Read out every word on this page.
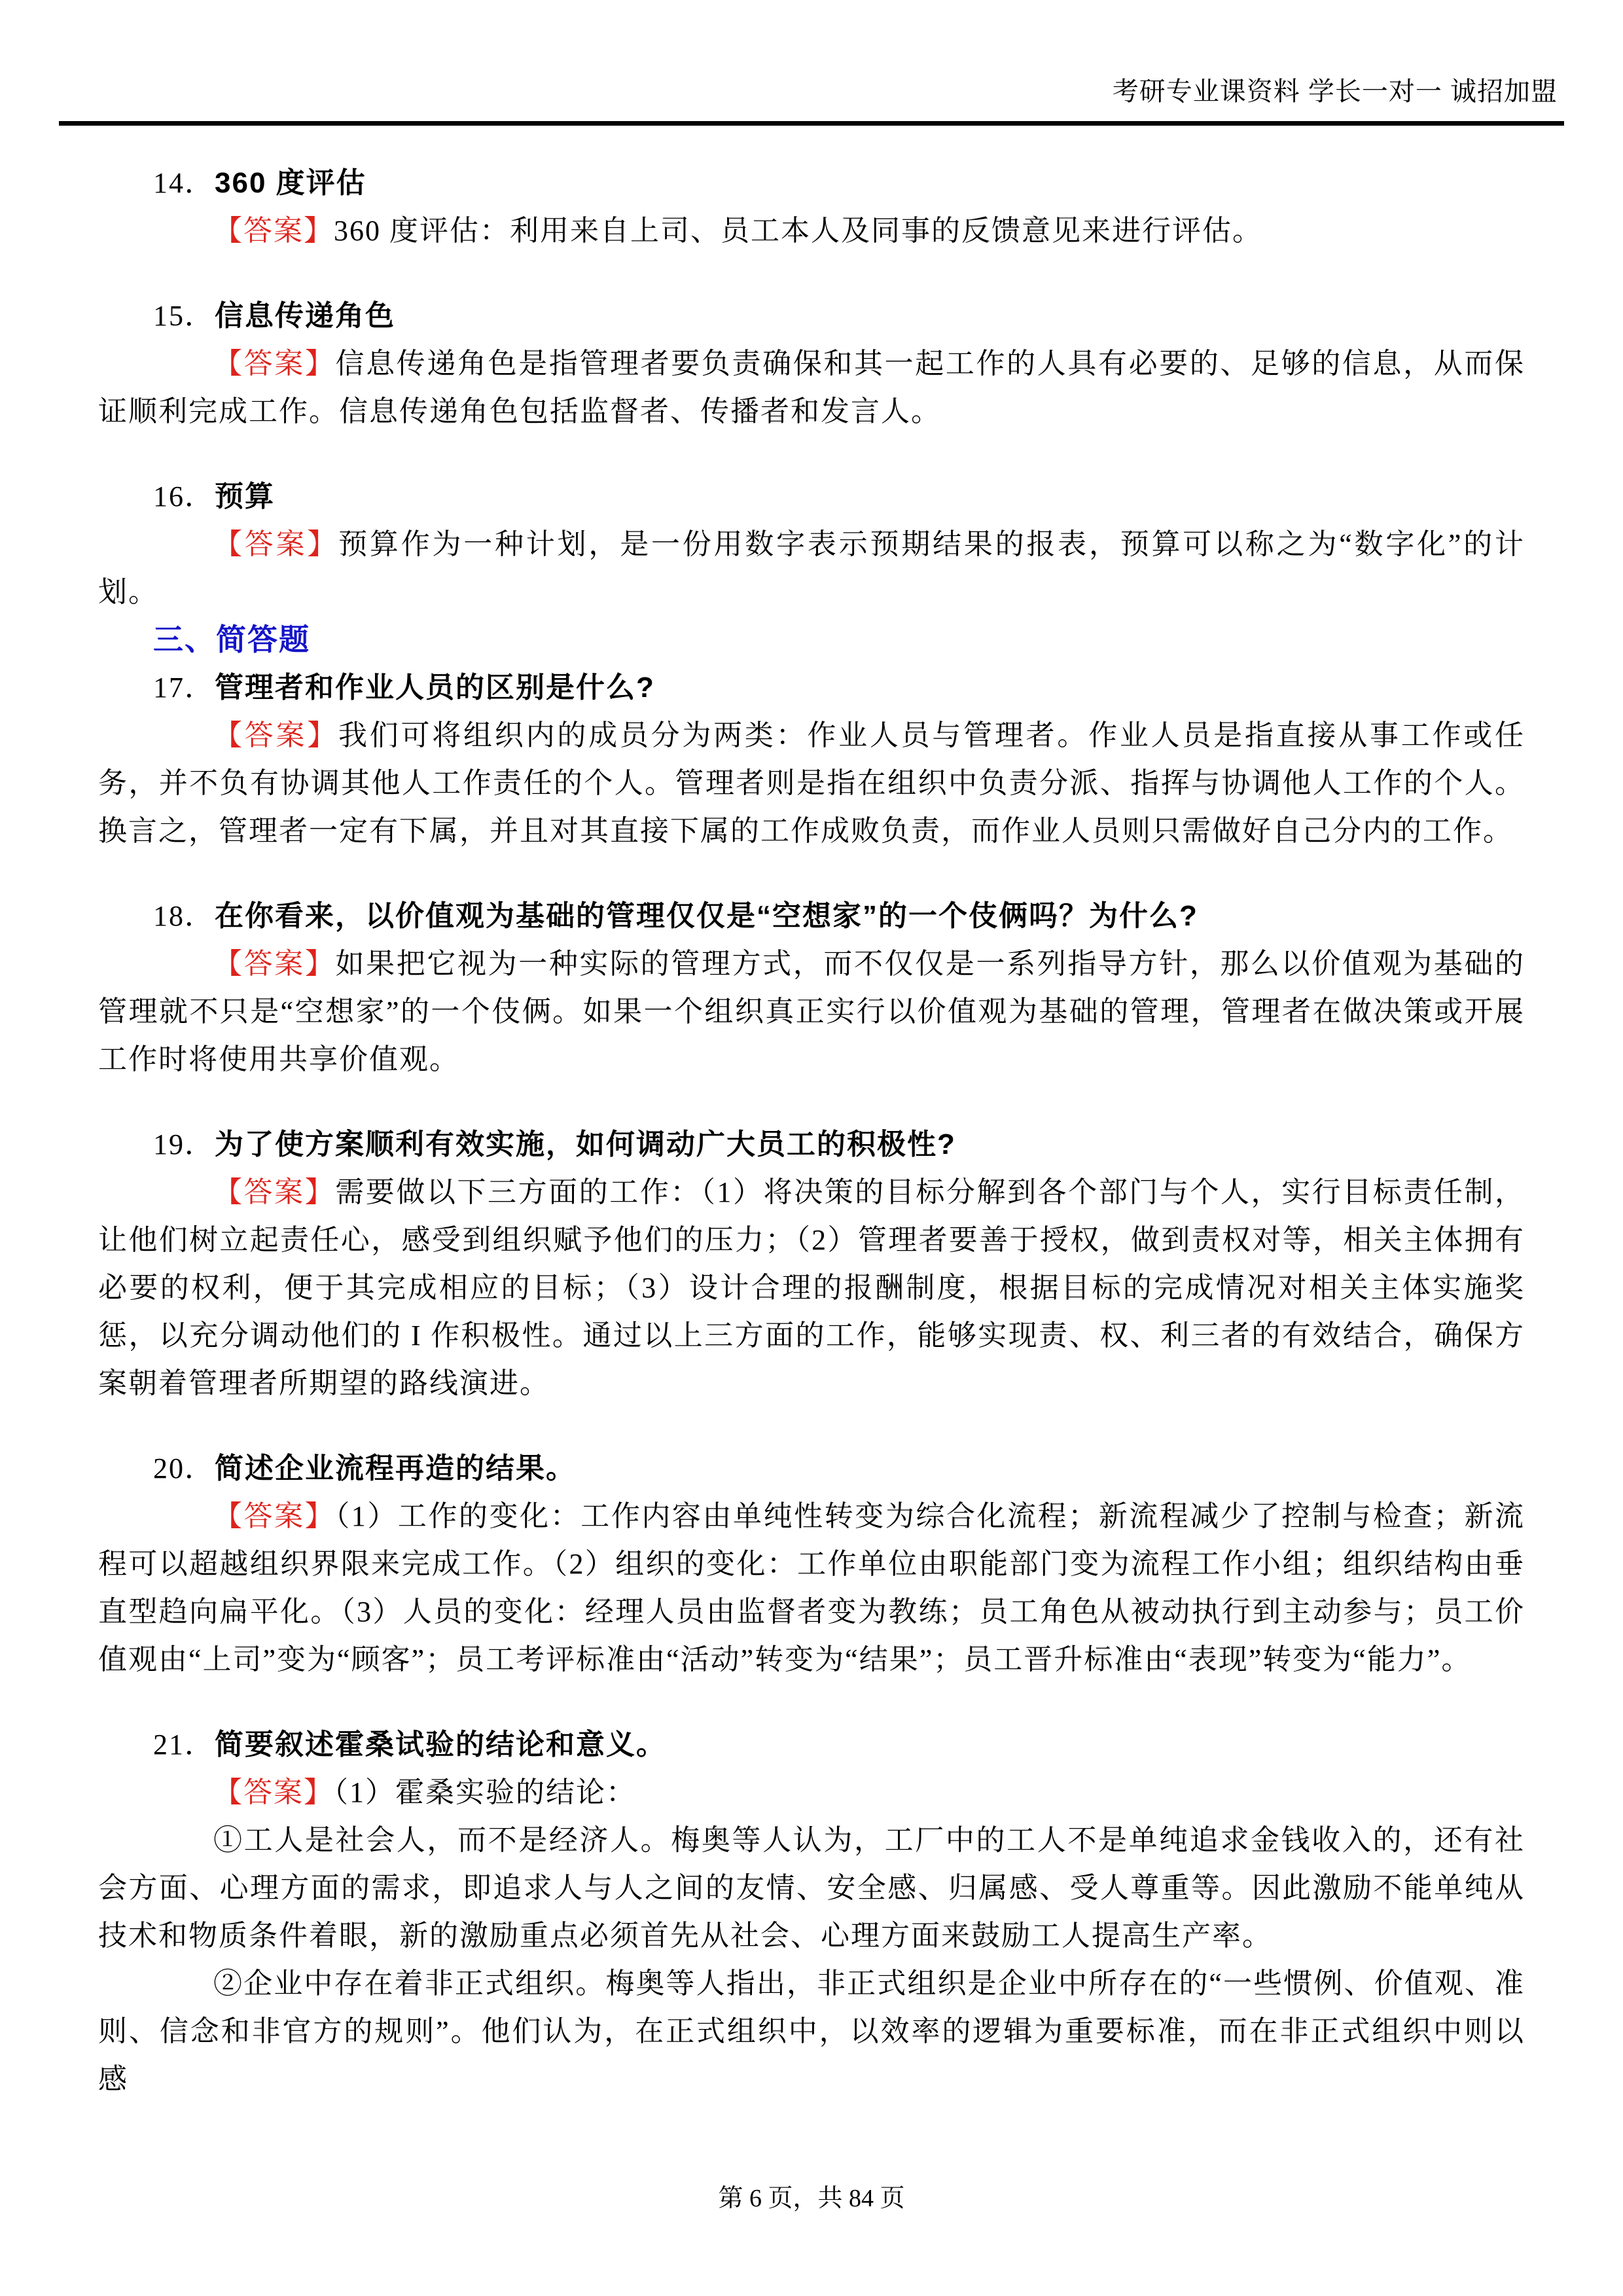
考研专业课资料 学长一对一 诚招加盟

14．360 度评估

【答案】360 度评估：利用来自上司、员工本人及同事的反馈意见来进行评估。

15．信息传递角色

【答案】信息传递角色是指管理者要负责确保和其一起工作的人具有必要的、足够的信息，从而保证顺利完成工作。信息传递角色包括监督者、传播者和发言人。

16．预算

【答案】预算作为一种计划，是一份用数字表示预期结果的报表，预算可以称之为“数字化”的计划。

三、简答题

17．管理者和作业人员的区别是什么?

【答案】我们可将组织内的成员分为两类：作业人员与管理者。作业人员是指直接从事工作或任务，并不负有协调其他人工作责任的个人。管理者则是指在组织中负责分派、指挥与协调他人工作的个人。换言之，管理者一定有下属，并且对其直接下属的工作成败负责，而作业人员则只需做好自己分内的工作。

18．在你看来，以价值观为基础的管理仅仅是“空想家”的一个伎俩吗？为什么?

【答案】如果把它视为一种实际的管理方式，而不仅仅是一系列指导方针，那么以价值观为基础的管理就不只是“空想家”的一个伎俩。如果一个组织真正实行以价值观为基础的管理，管理者在做决策或开展工作时将使用共享价值观。

19．为了使方案顺利有效实施，如何调动广大员工的积极性?

【答案】需要做以下三方面的工作：（1）将决策的目标分解到各个部门与个人，实行目标责任制，让他们树立起责任心，感受到组织赋予他们的压力；（2）管理者要善于授权，做到责权对等，相关主体拥有必要的权利，便于其完成相应的目标；（3）设计合理的报酬制度，根据目标的完成情况对相关主体实施奖惩，以充分调动他们的 I 作积极性。通过以上三方面的工作，能够实现责、权、利三者的有效结合，确保方案朝着管理者所期望的路线演进。

20．简述企业流程再造的结果。

【答案】（1）工作的变化：工作内容由单纯性转变为综合化流程；新流程减少了控制与检查；新流程可以超越组织界限来完成工作。（2）组织的变化：工作单位由职能部门变为流程工作小组；组织结构由垂直型趋向扁平化。（3）人员的变化：经理人员由监督者变为教练；员工角色从被动执行到主动参与；员工价值观由“上司”变为“顾客”；员工考评标准由“活动”转变为“结果”；员工晋升标准由“表现”转变为“能力”。

21．简要叙述霍桑试验的结论和意义。

【答案】（1）霍桑实验的结论：

①工人是社会人，而不是经济人。梅奥等人认为，工厂中的工人不是单纯追求金钱收入的，还有社会方面、心理方面的需求，即追求人与人之间的友情、安全感、归属感、受人尊重等。因此激励不能单纯从技术和物质条件着眼，新的激励重点必须首先从社会、心理方面来鼓励工人提高生产率。

②企业中存在着非正式组织。梅奥等人指出，非正式组织是企业中所存在的“一些惯例、价值观、准则、信念和非官方的规则”。他们认为，在正式组织中，以效率的逻辑为重要标准，而在非正式组织中则以感

第 6 页，共 84 页
